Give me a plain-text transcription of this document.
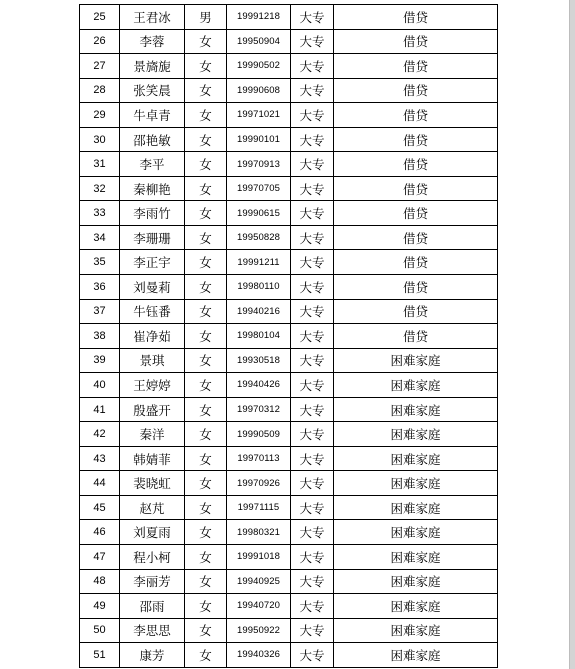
25	王君冰	男	19991218	大专	借贷
26	李蓉	女	19950904	大专	借贷
27	景旖旎	女	19990502	大专	借贷
28	张笑晨	女	19990608	大专	借贷
29	牛卓青	女	19971021	大专	借贷
30	邵艳敏	女	19990101	大专	借贷
31	李平	女	19970913	大专	借贷
32	秦柳艳	女	19970705	大专	借贷
33	李雨竹	女	19990615	大专	借贷
34	李珊珊	女	19950828	大专	借贷
35	李正宇	女	19991211	大专	借贷
36	刘曼莉	女	19980110	大专	借贷
37	牛钰番	女	19940216	大专	借贷
38	崔净茹	女	19980104	大专	借贷
39	景琪	女	19930518	大专	困难家庭
40	王婷婷	女	19940426	大专	困难家庭
41	殷盛开	女	19970312	大专	困难家庭
42	秦洋	女	19990509	大专	困难家庭
43	韩婧菲	女	19970113	大专	困难家庭
44	裴晓虹	女	19970926	大专	困难家庭
45	赵芃	女	19971115	大专	困难家庭
46	刘夏雨	女	19980321	大专	困难家庭
47	程小柯	女	19991018	大专	困难家庭
48	李丽芳	女	19940925	大专	困难家庭
49	邵雨	女	19940720	大专	困难家庭
50	李思思	女	19950922	大专	困难家庭
51	康芳	女	19940326	大专	困难家庭
